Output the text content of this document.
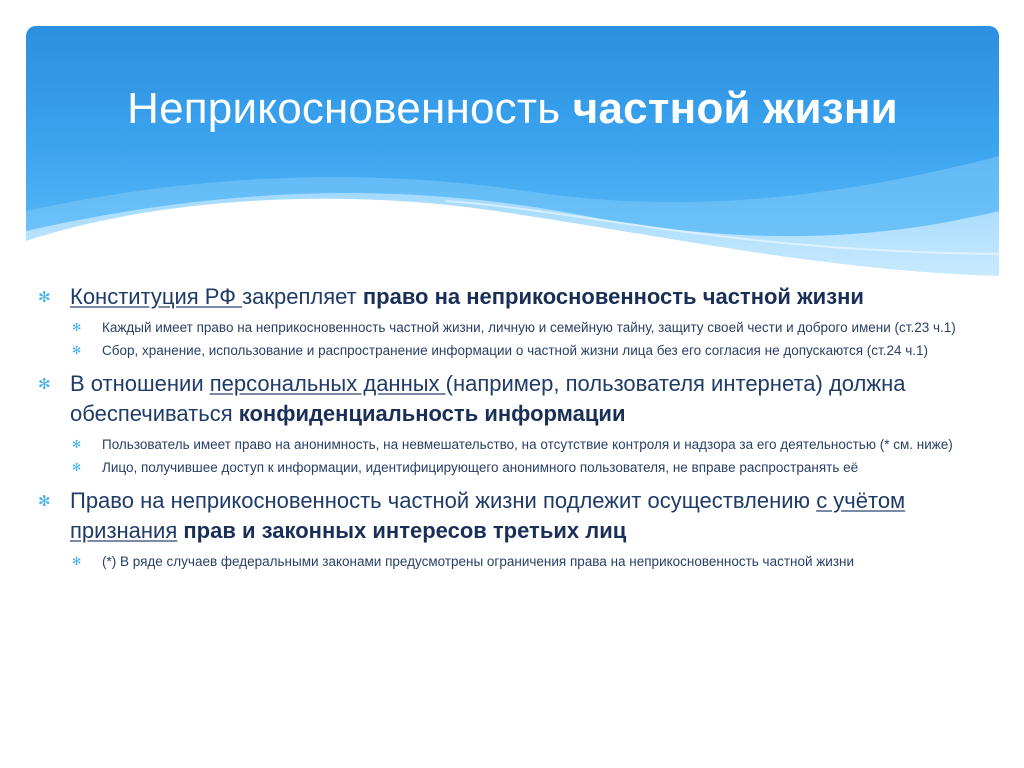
Неприкосновенность частной жизни
✻ Конституция РФ закрепляет право на неприкосновенность частной жизни
✻ Каждый имеет право на неприкосновенность частной жизни, личную и семейную тайну, защиту своей чести и доброго имени (ст.23 ч.1)
✻ Сбор, хранение, использование и распространение информации о частной жизни лица без его согласия не допускаются (ст.24 ч.1)
✻ В отношении персональных данных (например, пользователя интернета) должна обеспечиваться конфиденциальность информации
✻ Пользователь имеет право на анонимность, на невмешательство, на отсутствие контроля и надзора за его деятельностью (* см. ниже)
✻ Лицо, получившее доступ к информации, идентифицирующего анонимного пользователя, не вправе распространять её
✻ Право на неприкосновенность частной жизни подлежит осуществлению с учётом признания прав и законных интересов третьих лиц
✻ (*) В ряде случаев федеральными законами предусмотрены ограничения права на неприкосновенность частной жизни
